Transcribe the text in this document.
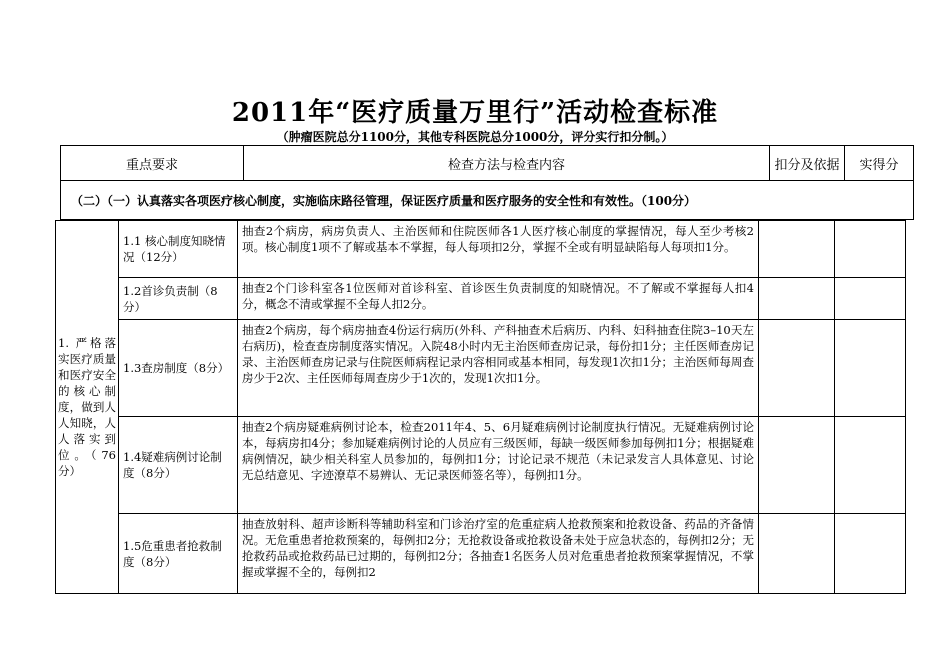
2011年“医疗质量万里行”活动检查标准
（肿瘤医院总分1100分，其他专科医院总分1000分，评分实行扣分制。）
重点要求	检查方法与检查内容	扣分及依据	实得分
（二）（一）认真落实各项医疗核心制度，实施临床路径管理，保证医疗质量和医疗服务的安全性和有效性。（100分）
1. 严格落实医疗质量和医疗安全的核心制度，做到人人知晓，人人落实到位。（76分）	1.1 核心制度知晓情况（12分）	抽查2个病房，病房负责人、主治医师和住院医师各1人医疗核心制度的掌握情况，每人至少考核2项。核心制度1项不了解或基本不掌握，每人每项扣2分，掌握不全或有明显缺陷每人每项扣1分。		
	1.2首诊负责制（8分）	抽查2个门诊科室各1位医师对首诊科室、首诊医生负责制度的知晓情况。不了解或不掌握每人扣4分，概念不清或掌握不全每人扣2分。		
	1.3查房制度（8分）	抽查2个病房，每个病房抽查4份运行病历(外科、产科抽查术后病历、内科、妇科抽查住院3–10天左右病历)，检查查房制度落实情况。入院48小时内无主治医师查房记录，每份扣1分；主任医师查房记录、主治医师查房记录与住院医师病程记录内容相同或基本相同，每发现1次扣1分；主治医师每周查房少于2次、主任医师每周查房少于1次的，发现1次扣1分。		
	1.4疑难病例讨论制度（8分）	抽查2个病房疑难病例讨论本，检查2011年4、5、6月疑难病例讨论制度执行情况。无疑难病例讨论本，每病房扣4分；参加疑难病例讨论的人员应有三级医师，每缺一级医师参加每例扣1分；根据疑难病例情况，缺少相关科室人员参加的，每例扣1分；讨论记录不规范（未记录发言人具体意见、讨论无总结意见、字迹潦草不易辨认、无记录医师签名等），每例扣1分。		
	1.5危重患者抢救制度（8分）	抽查放射科、超声诊断科等辅助科室和门诊治疗室的危重症病人抢救预案和抢救设备、药品的齐备情况。无危重患者抢救预案的，每例扣2分；无抢救设备或抢救设备未处于应急状态的，每例扣2分；无抢救药品或抢救药品已过期的，每例扣2分；各抽查1名医务人员对危重患者抢救预案掌握情况，不掌握或掌握不全的，每例扣2		
